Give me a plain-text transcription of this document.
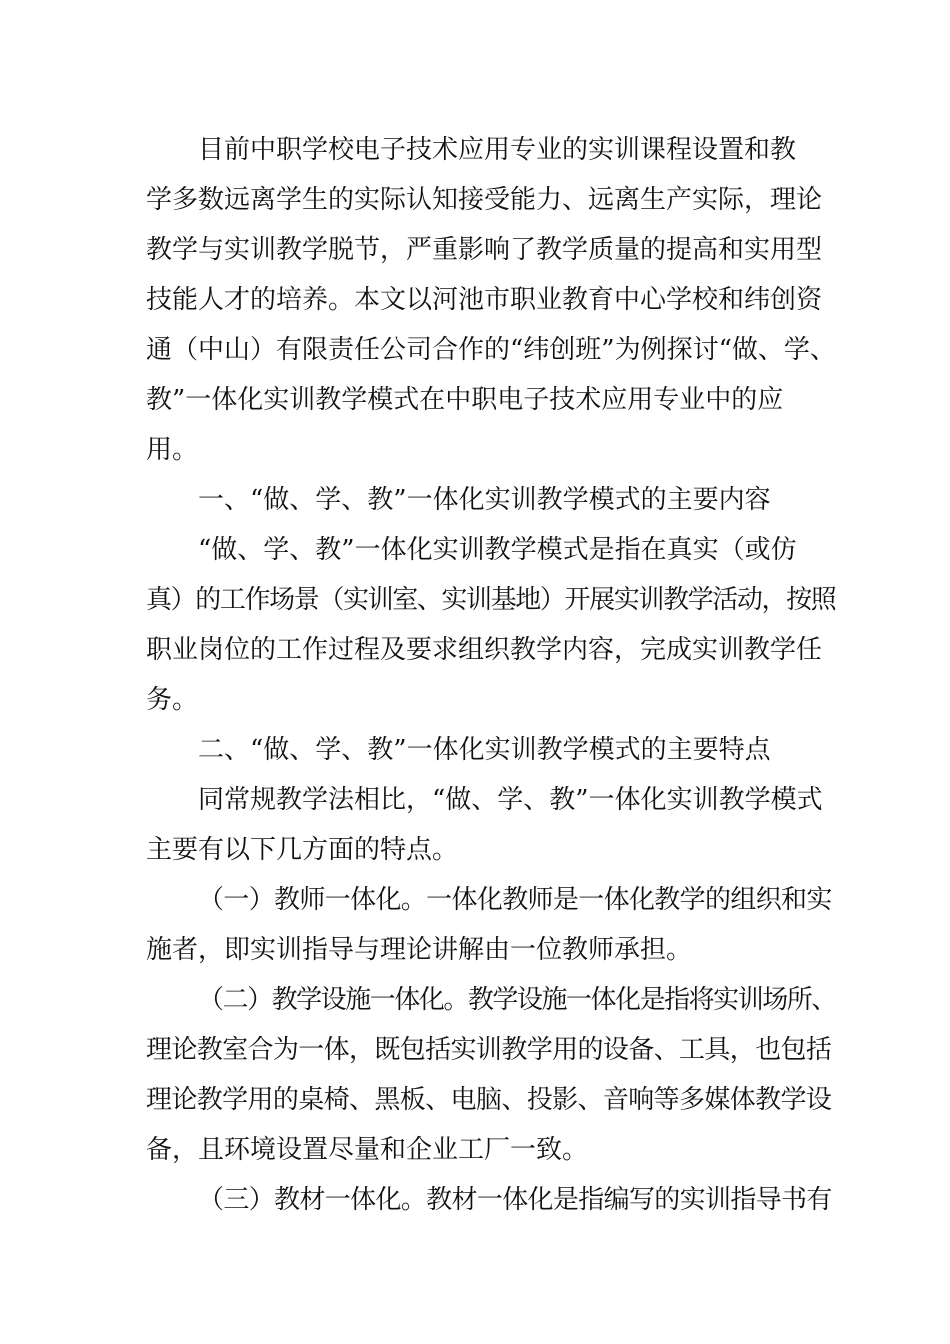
目前中职学校电子技术应用专业的实训课程设置和教
学多数远离学生的实际认知接受能力、远离生产实际，理论
教学与实训教学脱节，严重影响了教学质量的提高和实用型
技能人才的培养。本文以河池市职业教育中心学校和纬创资
通（中山）有限责任公司合作的“纬创班”为例探讨“做、学、
教”一体化实训教学模式在中职电子技术应用专业中的应
用。
一、“做、学、教”一体化实训教学模式的主要内容
“做、学、教”一体化实训教学模式是指在真实（或仿
真）的工作场景（实训室、实训基地）开展实训教学活动，按照
职业岗位的工作过程及要求组织教学内容，完成实训教学任
务。
二、“做、学、教”一体化实训教学模式的主要特点
同常规教学法相比，“做、学、教”一体化实训教学模式
主要有以下几方面的特点。
（一）教师一体化。一体化教师是一体化教学的组织和实
施者，即实训指导与理论讲解由一位教师承担。
（二）教学设施一体化。教学设施一体化是指将实训场所、
理论教室合为一体，既包括实训教学用的设备、工具，也包括
理论教学用的桌椅、黑板、电脑、投影、音响等多媒体教学设
备，且环境设置尽量和企业工厂一致。
（三）教材一体化。教材一体化是指编写的实训指导书有
